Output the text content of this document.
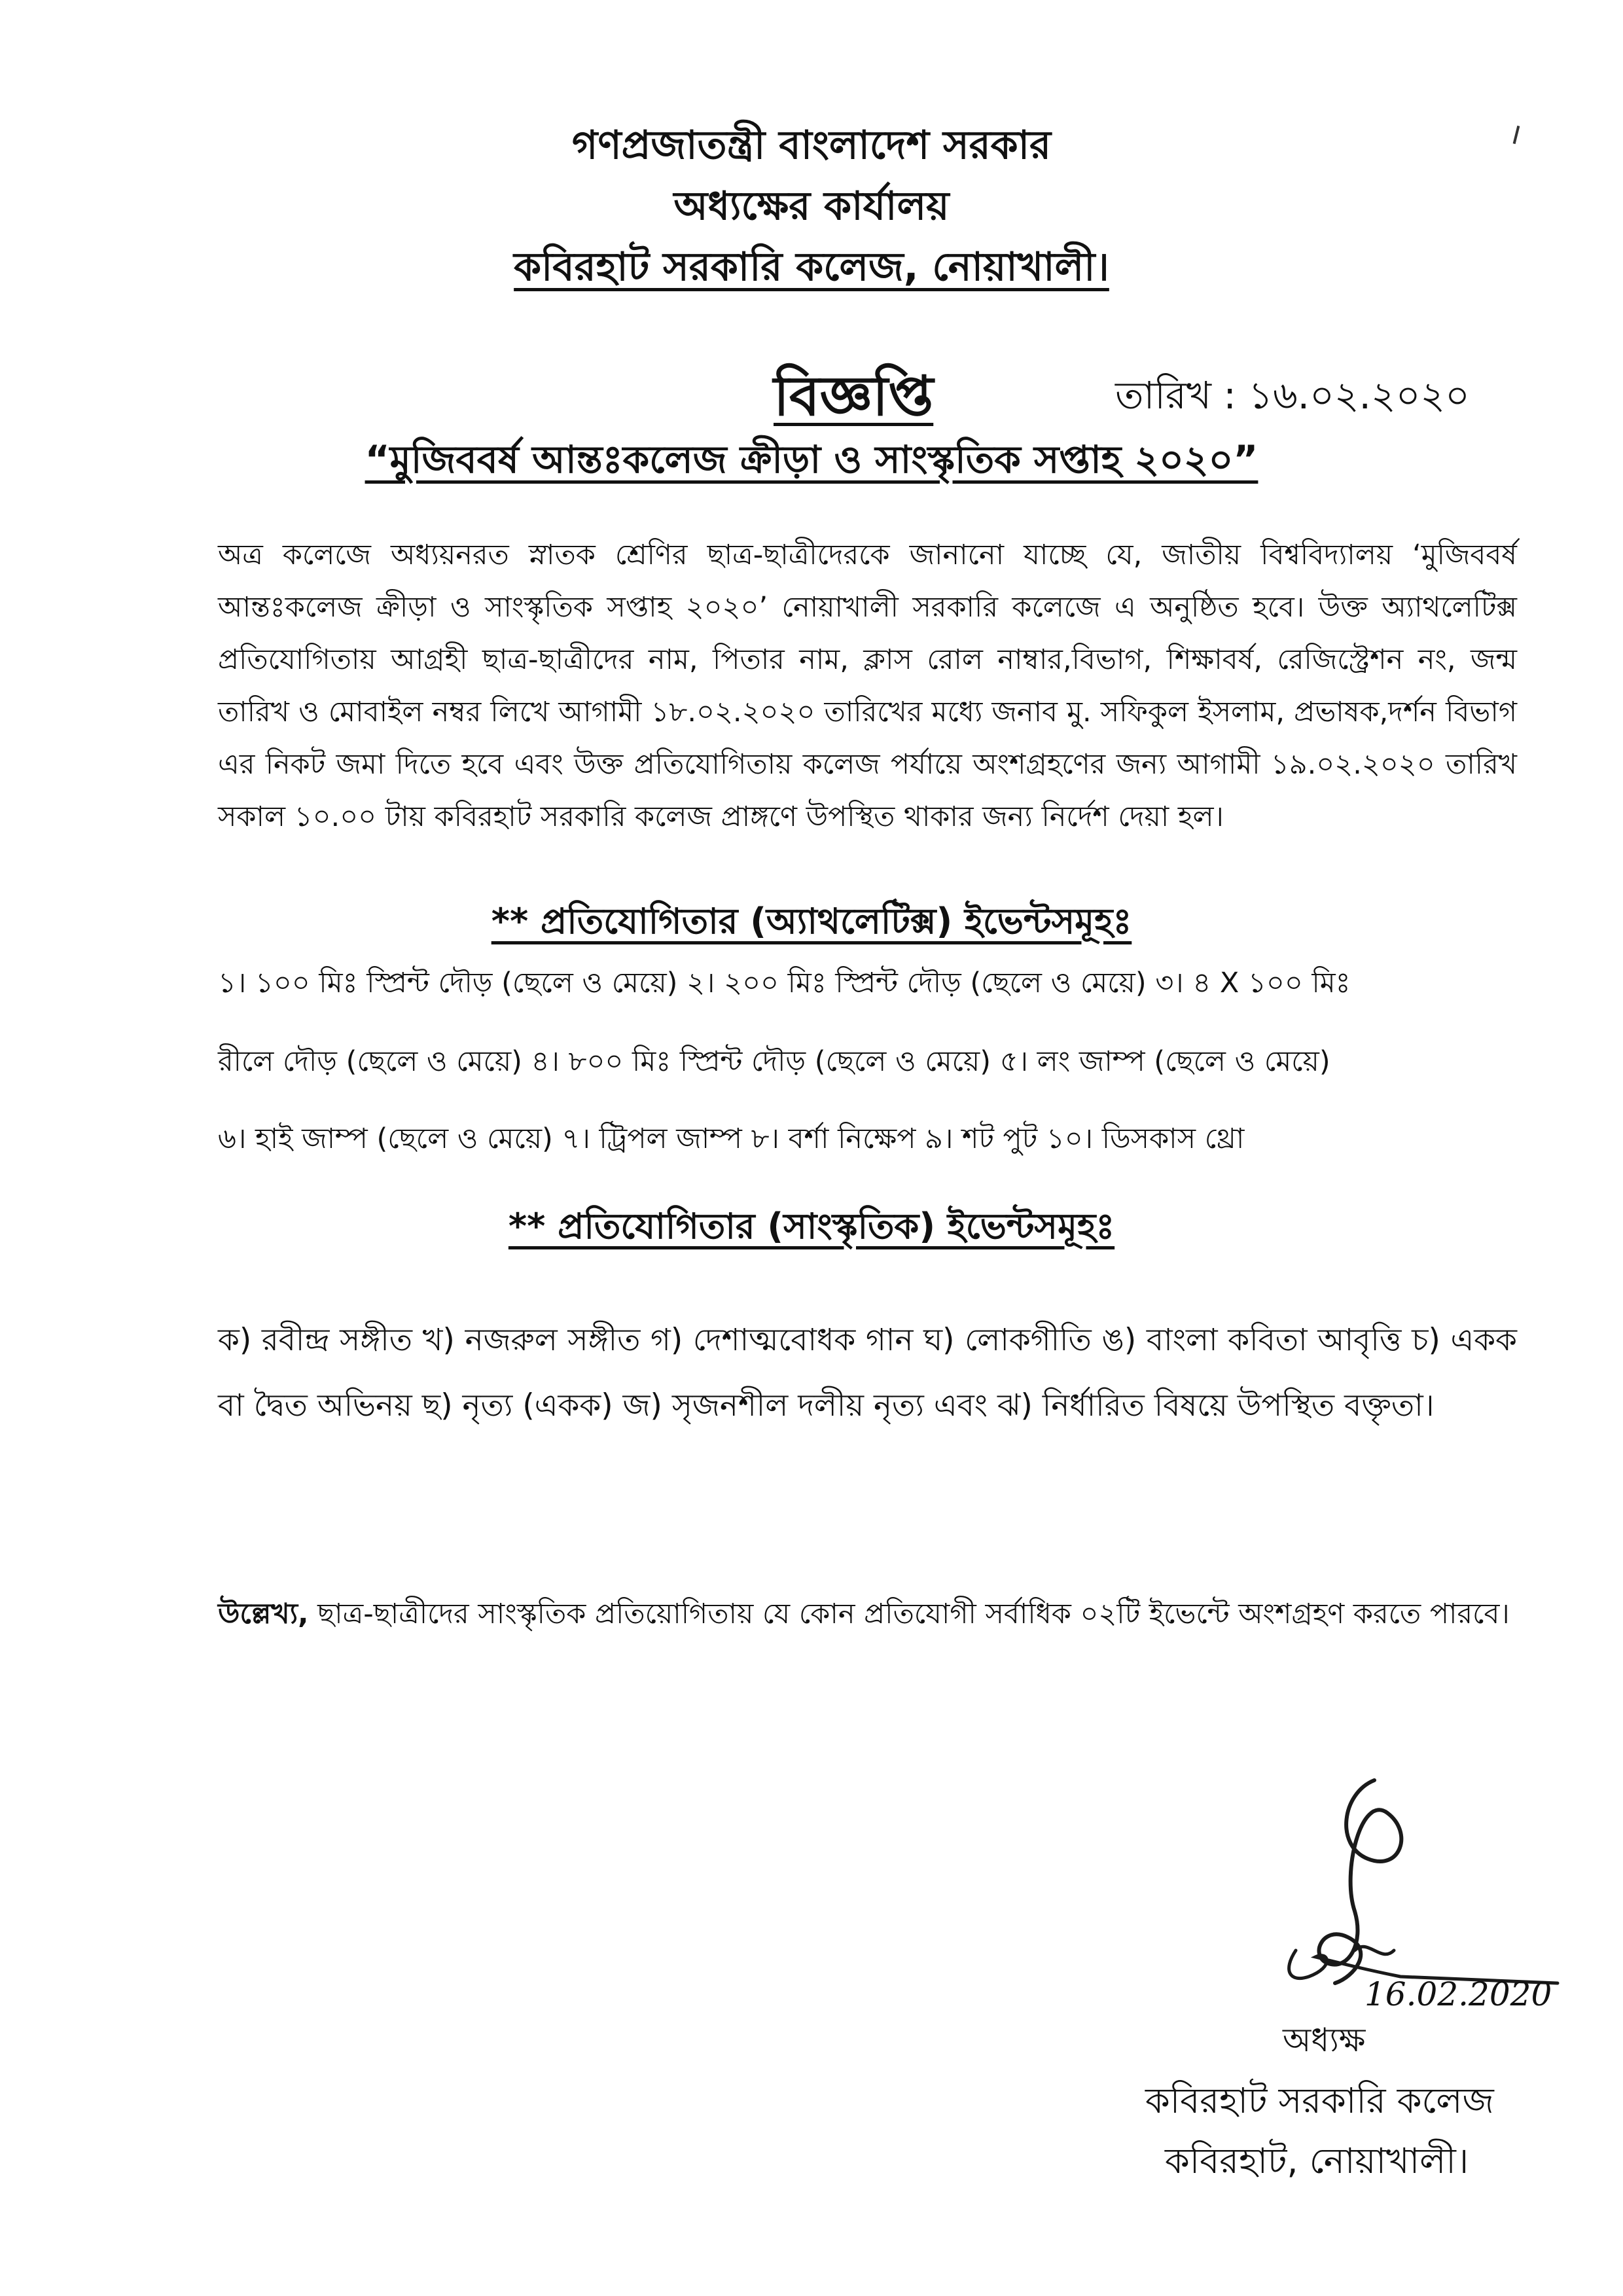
গণপ্রজাতন্ত্রী বাংলাদেশ সরকার
অধ্যক্ষের কার্যালয়
কবিরহাট সরকারি কলেজ, নোয়াখালী।
বিজ্ঞপ্তি	তারিখ : ১৬.০২.২০২০
“মুজিববর্ষ আন্তঃকলেজ ক্রীড়া ও সাংস্কৃতিক সপ্তাহ ২০২০”
অত্র কলেজে অধ্যয়নরত স্নাতক শ্রেণির ছাত্র-ছাত্রীদেরকে জানানো যাচ্ছে যে, জাতীয় বিশ্ববিদ্যালয় ‘মুজিববর্ষ আন্তঃকলেজ ক্রীড়া ও সাংস্কৃতিক সপ্তাহ ২০২০’ নোয়াখালী সরকারি কলেজে এ অনুষ্ঠিত হবে। উক্ত অ্যাথলেটিক্স প্রতিযোগিতায় আগ্রহী ছাত্র-ছাত্রীদের নাম, পিতার নাম, ক্লাস রোল নাম্বার,বিভাগ, শিক্ষাবর্ষ, রেজিস্ট্রেশন নং, জন্ম তারিখ ও মোবাইল নম্বর লিখে আগামী ১৮.০২.২০২০ তারিখের মধ্যে জনাব মু. সফিকুল ইসলাম, প্রভাষক,দর্শন বিভাগ এর নিকট জমা দিতে হবে এবং উক্ত প্রতিযোগিতায় কলেজ পর্যায়ে অংশগ্রহণের জন্য আগামী ১৯.০২.২০২০ তারিখ সকাল ১০.০০ টায় কবিরহাট সরকারি কলেজ প্রাঙ্গণে উপস্থিত থাকার জন্য নির্দেশ দেয়া হল।
** প্রতিযোগিতার (অ্যাথলেটিক্স) ইভেন্টসমূহঃ
১। ১০০ মিঃ স্প্রিন্ট দৌড় (ছেলে ও মেয়ে) ২। ২০০ মিঃ স্প্রিন্ট দৌড় (ছেলে ও মেয়ে) ৩। ৪ X ১০০ মিঃ
রীলে দৌড় (ছেলে ও মেয়ে) ৪। ৮০০ মিঃ স্প্রিন্ট দৌড় (ছেলে ও মেয়ে) ৫। লং জাম্প (ছেলে ও মেয়ে)
৬। হাই জাম্প (ছেলে ও মেয়ে) ৭। ট্রিপল জাম্প ৮। বর্শা নিক্ষেপ ৯। শট পুট ১০। ডিসকাস থ্রো
** প্রতিযোগিতার (সাংস্কৃতিক) ইভেন্টসমূহঃ
ক) রবীন্দ্র সঙ্গীত খ) নজরুল সঙ্গীত গ) দেশাত্মবোধক গান ঘ) লোকগীতি ঙ) বাংলা কবিতা আবৃত্তি চ) একক বা দ্বৈত অভিনয় ছ) নৃত্য (একক) জ) সৃজনশীল দলীয় নৃত্য এবং ঝ) নির্ধারিত বিষয়ে উপস্থিত বক্তৃতা।
উল্লেখ্য, ছাত্র-ছাত্রীদের সাংস্কৃতিক প্রতিয়োগিতায় যে কোন প্রতিযোগী সর্বাধিক ০২টি ইভেন্টে অংশগ্রহণ করতে পারবে।
16.02.2020
অধ্যক্ষ
কবিরহাট সরকারি কলেজ
কবিরহাট, নোয়াখালী।
